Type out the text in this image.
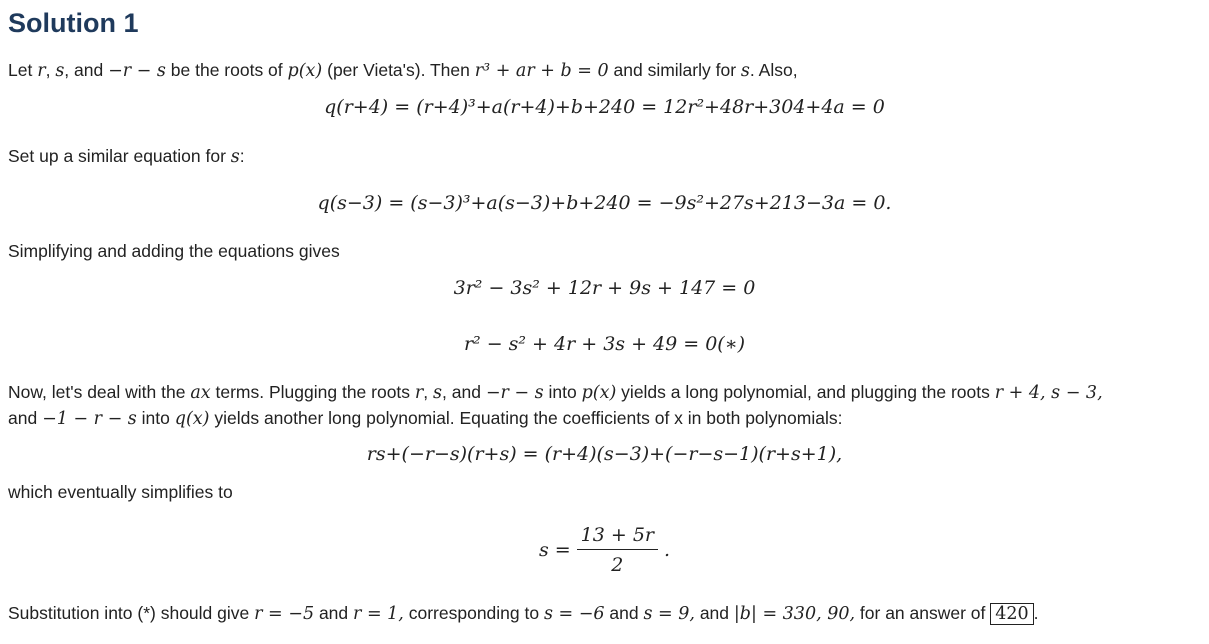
Solution 1

Let r, s, and −r − s be the roots of p(x) (per Vieta's). Then r³ + ar + b = 0 and similarly for s. Also,

q(r+4) = (r+4)³+a(r+4)+b+240 = 12r²+48r+304+4a = 0

Set up a similar equation for s:

q(s−3) = (s−3)³+a(s−3)+b+240 = −9s²+27s+213−3a = 0.

Simplifying and adding the equations gives

3r² − 3s² + 12r + 9s + 147 = 0
r² − s² + 4r + 3s + 49 = 0(∗)

Now, let's deal with the ax terms. Plugging the roots r, s, and −r − s into p(x) yields a long polynomial, and plugging the roots r + 4, s − 3,

and −1 − r − s into q(x) yields another long polynomial. Equating the coefficients of x in both polynomials:

rs+(−r−s)(r+s) = (r+4)(s−3)+(−r−s−1)(r+s+1),

which eventually simplifies to

$s = \frac{13 + 5r}{2}$ .

Substitution into (*) should give r = −5 and r = 1, corresponding to s = −6 and s = 9, and |b| = 330, 90, for an answer of 420 .
